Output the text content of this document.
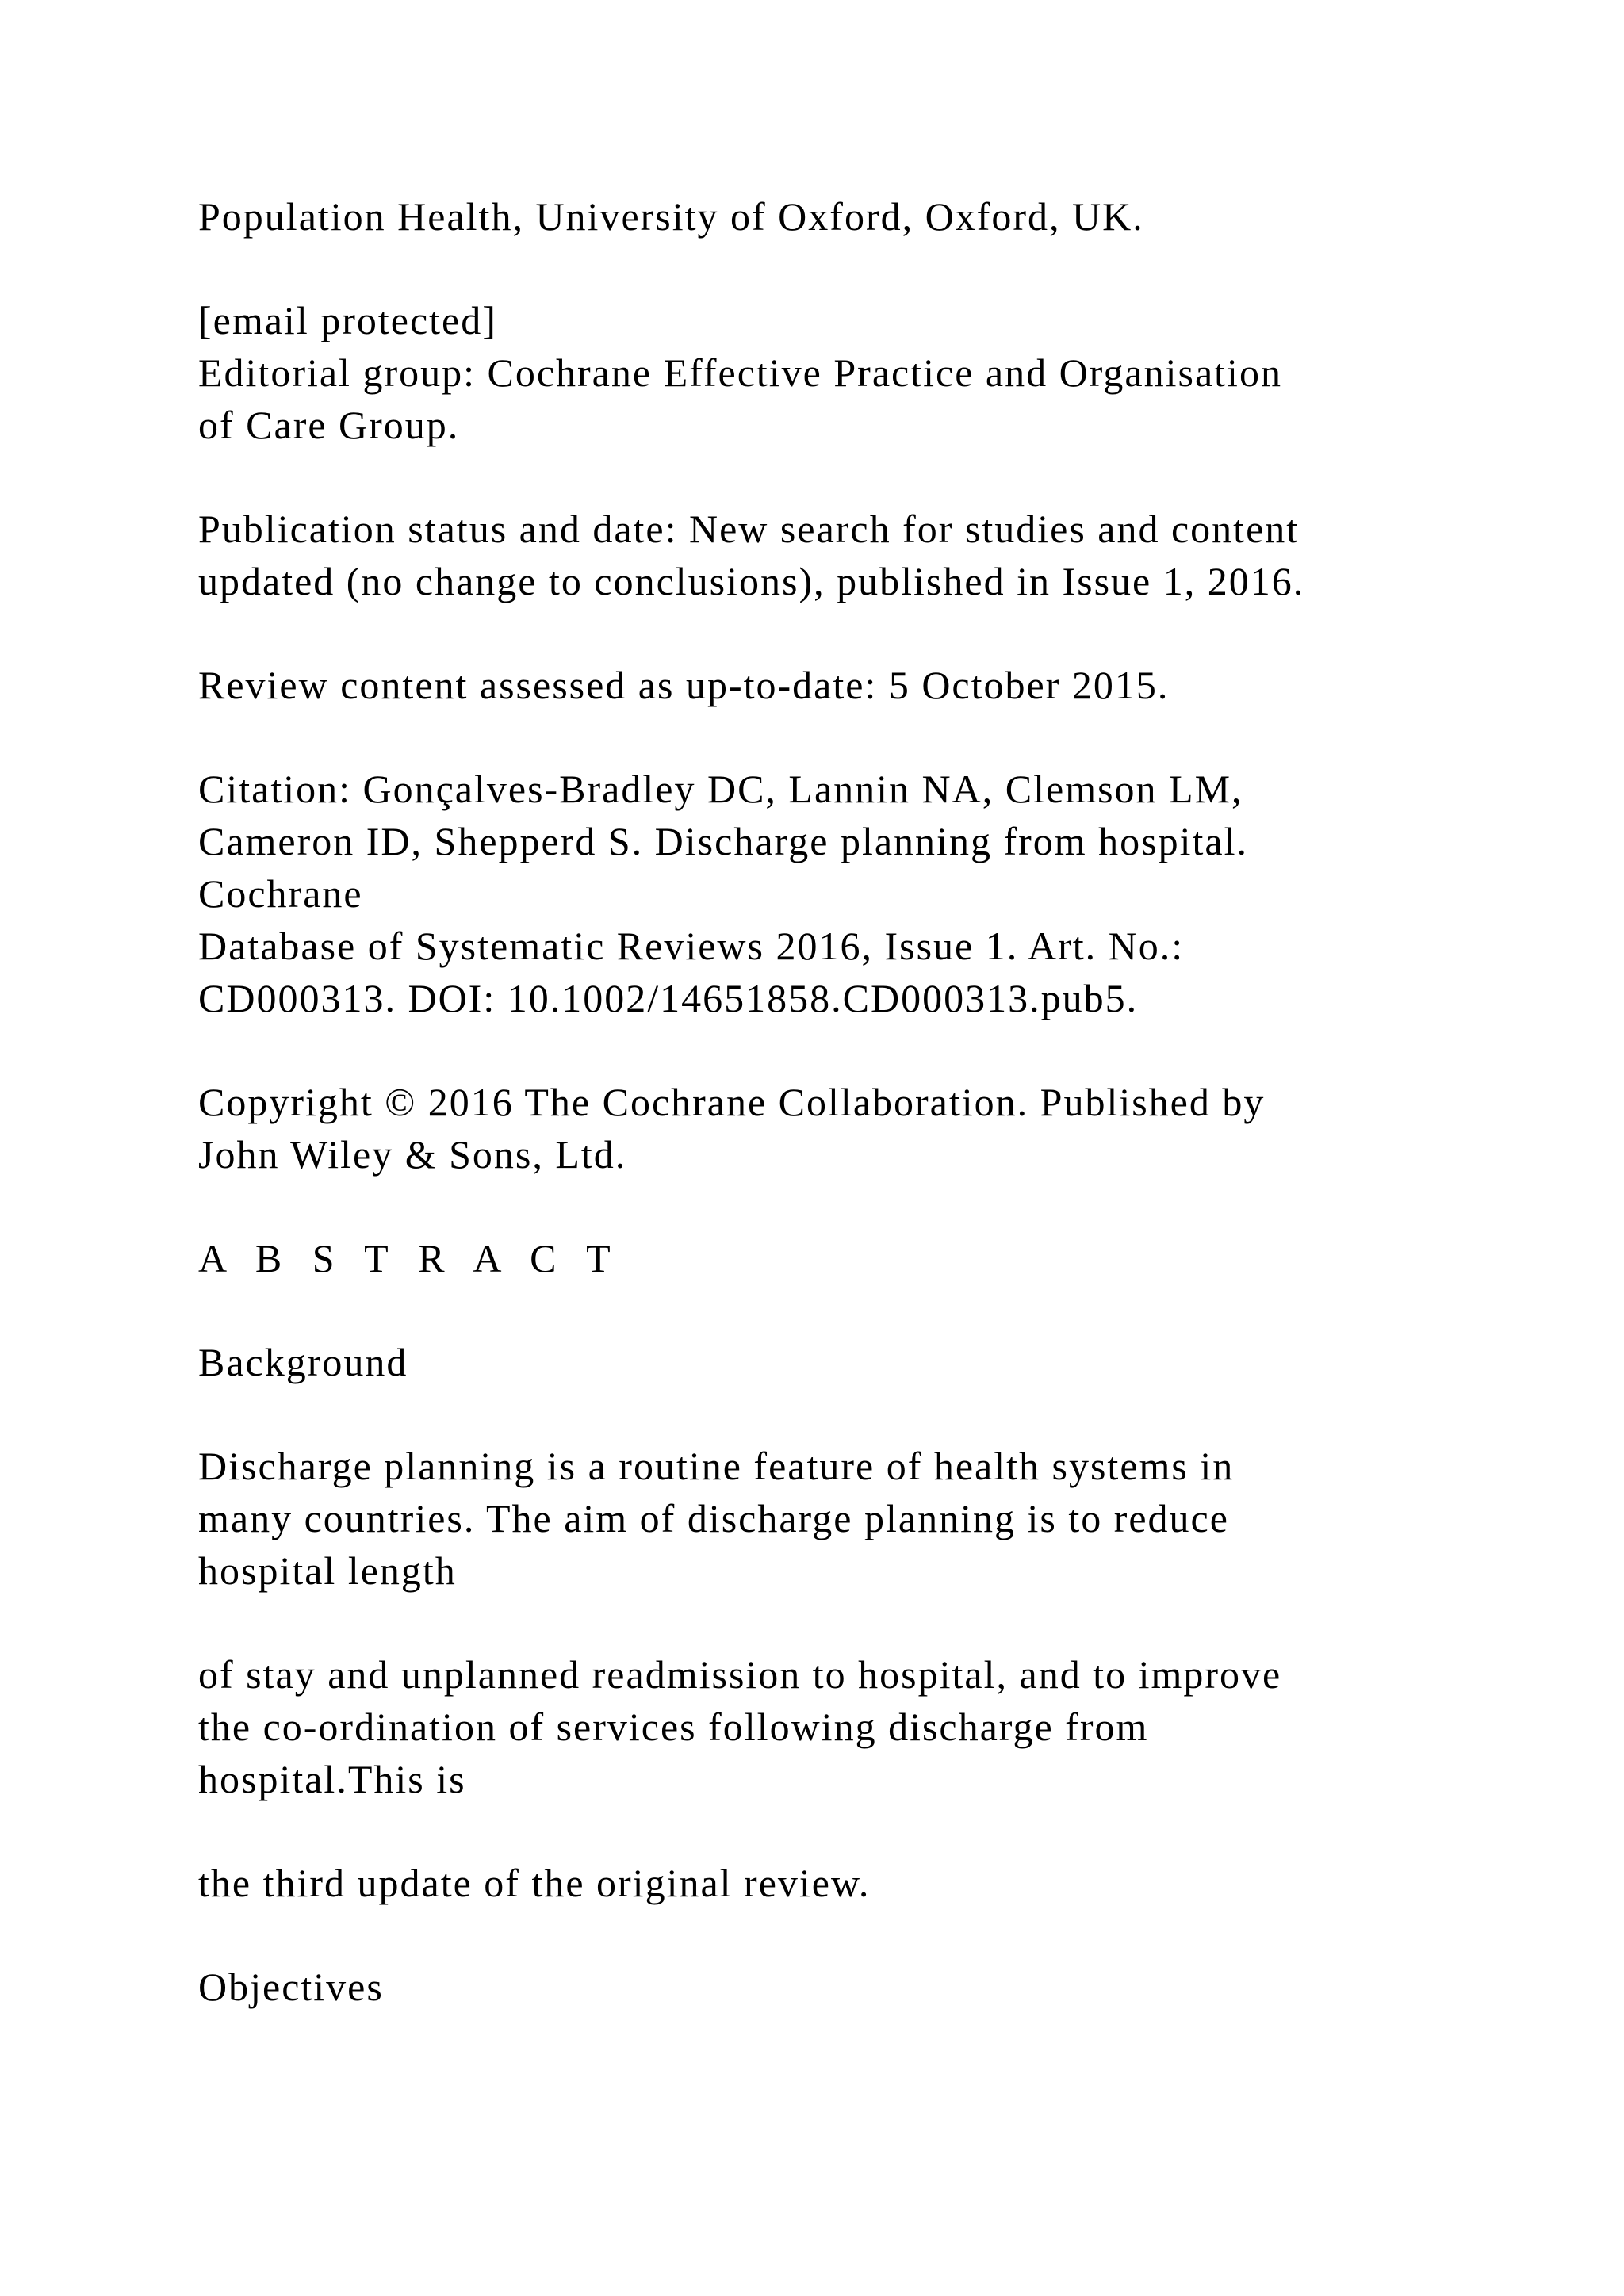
Population Health, University of Oxford, Oxford, UK.
[email protected]
Editorial group: Cochrane Effective Practice and Organisation
of Care Group.
Publication status and date: New search for studies and content
updated (no change to conclusions), published in Issue 1, 2016.
Review content assessed as up-to-date: 5 October 2015.
Citation: Gonçalves-Bradley DC, Lannin NA, Clemson LM,
Cameron ID, Shepperd S. Discharge planning from hospital.
Cochrane
Database of Systematic Reviews 2016, Issue 1. Art. No.:
CD000313. DOI: 10.1002/14651858.CD000313.pub5.
Copyright © 2016 The Cochrane Collaboration. Published by
John Wiley & Sons, Ltd.
A B S T R A C T
Background
Discharge planning is a routine feature of health systems in
many countries. The aim of discharge planning is to reduce
hospital length
of stay and unplanned readmission to hospital, and to improve
the co-ordination of services following discharge from
hospital.This is
the third update of the original review.
Objectives
